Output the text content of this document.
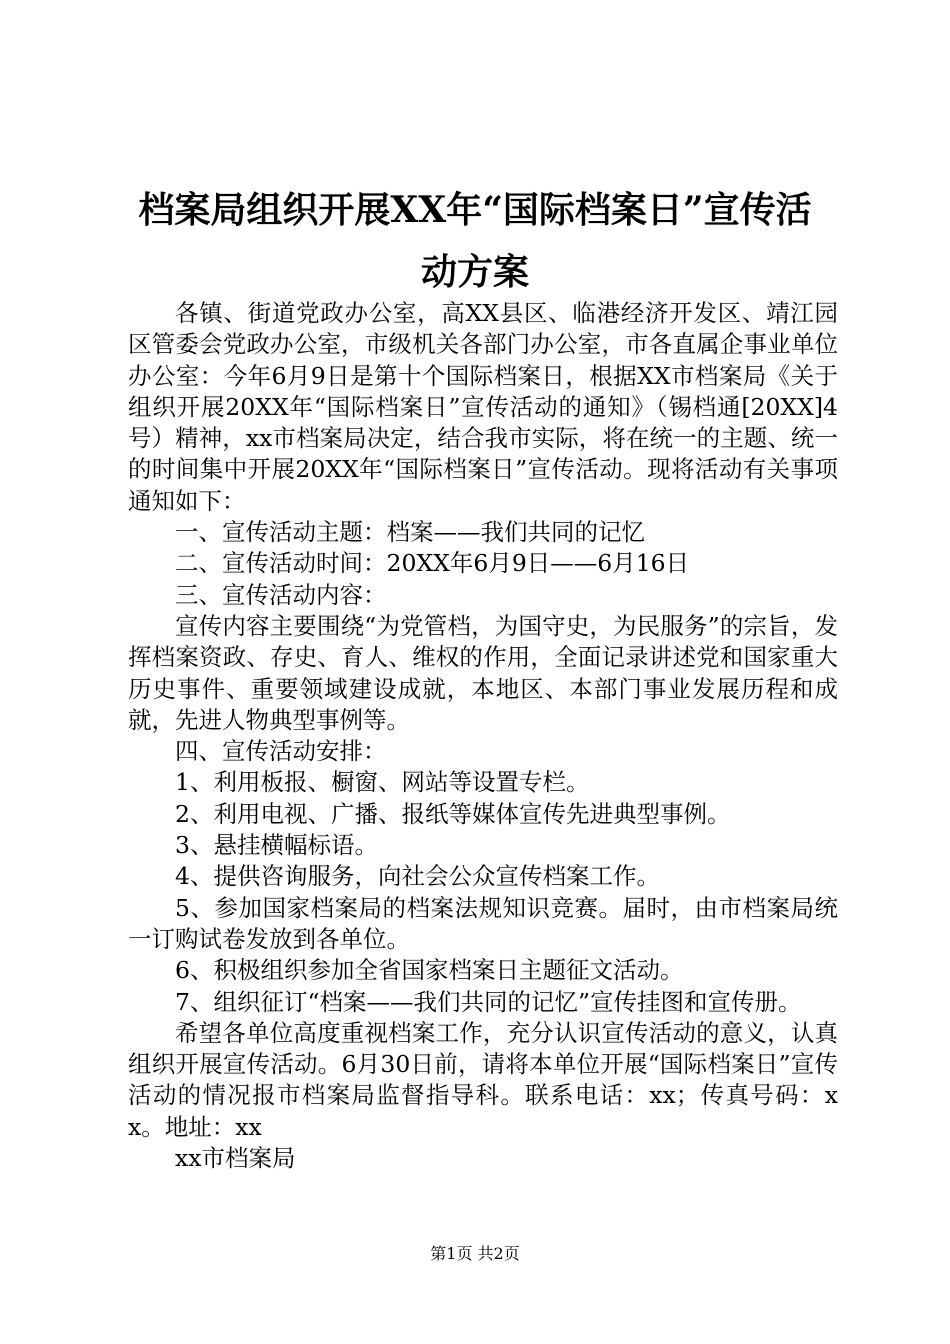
档案局组织开展XX年“国际档案日”宣传活
动方案

各镇、街道党政办公室，高XX县区、临港经济开发区、靖江园区管委会党政办公室，市级机关各部门办公室，市各直属企事业单位办公室：今年6月9日是第十个国际档案日，根据XX市档案局《关于组织开展20XX年“国际档案日”宣传活动的通知》（锡档通[20XX]4号）精神，xx市档案局决定，结合我市实际，将在统一的主题、统一的时间集中开展20XX年“国际档案日”宣传活动。现将活动有关事项通知如下：

一、宣传活动主题：档案——我们共同的记忆

二、宣传活动时间：20XX年6月9日——6月16日

三、宣传活动内容：

宣传内容主要围绕“为党管档，为国守史，为民服务”的宗旨，发挥档案资政、存史、育人、维权的作用，全面记录讲述党和国家重大历史事件、重要领域建设成就，本地区、本部门事业发展历程和成就，先进人物典型事例等。

四、宣传活动安排：

1、利用板报、橱窗、网站等设置专栏。

2、利用电视、广播、报纸等媒体宣传先进典型事例。

3、悬挂横幅标语。

4、提供咨询服务，向社会公众宣传档案工作。

5、参加国家档案局的档案法规知识竞赛。届时，由市档案局统一订购试卷发放到各单位。

6、积极组织参加全省国家档案日主题征文活动。

7、组织征订“档案——我们共同的记忆”宣传挂图和宣传册。

希望各单位高度重视档案工作，充分认识宣传活动的意义，认真组织开展宣传活动。6月30日前，请将本单位开展“国际档案日”宣传活动的情况报市档案局监督指导科。联系电话：xx；传真号码：xx。地址：xx

xx市档案局

第1页 共2页
